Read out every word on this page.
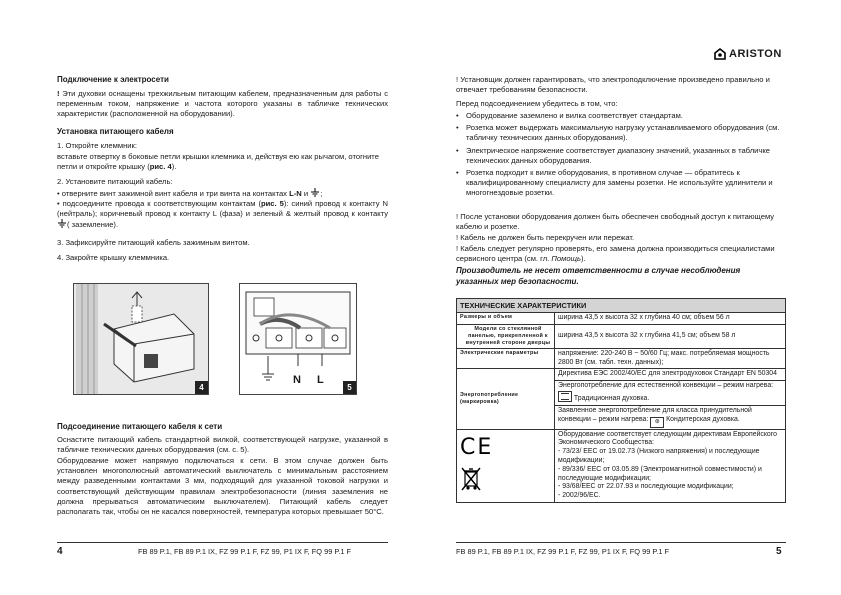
Подключение к электросети

! Эти духовки оснащены трехжильным питающим кабелем, предназначенным для работы с переменным током, напряжение и частота которого указаны в табличке технических характеристик (расположенной на оборудовании).

Установка питающего кабеля

1. Откройте клеммник:

вставьте отвертку в боковые петли крышки клемника и, действуя ею как рычагом, отогните петли и откройте крышку (рис. 4).

2. Установите питающий кабель:

• отверните винт зажимной винт кабеля и три винта на контактах L-N и ;

• подсоедините провода к соответствующим контактам (рис. 5): синий провод к контакту N (нейтраль); коричневый провод к контакту L (фаза) и зеленый & желтый провод к контакту ( заземление).

3. Зафиксируйте питающий кабель зажимным винтом.

4. Закройте крышку клеммника.

4
N L
5
Подсоединение питающего кабеля к сети

Оснастите питающий кабель стандартной вилкой, соответствующей нагрузке, указанной в табличке технических данных оборудования (см. с. 5).

Оборудование может напрямую подключаться к сети. В этом случае должен быть установлен многополюсный автоматический выключатель с минимальным расстоянием между разведенными контактами 3 мм, подходящий для указанной токовой нагрузки и соответствующий действующим правилам электробезопасности (линия заземления не должна прерываться автоматическим выключателем). Питающий кабель следует располагать так, чтобы он не касался поверхностей, температура которых превышает 50°С.

4	FB 89 P.1, FB 89 P.1 IX, FZ 99 P.1 F, FZ 99, P1 IX F, FQ 99 P.1 F
ARISTON

! Установщик должен гарантировать, что электроподключение произведено правильно и отвечает требованиям безопасности.

Перед подсоединением убедитесь в том, что:

• Оборудование заземлено и вилка соответствует стандартам.
• Розетка может выдержать максимальную нагрузку устанавливаемого оборудования (см. табличку технических данных оборудования).
• Электрическое напряжение соответствует диапазону значений, указанных в табличке технических данных оборудования.
• Розетка подходит к вилке оборудования, в противном случае — обратитесь к квалифицированному специалисту для замены розетки. Не используйте удлинители и многогнездовые розетки.

! После установки оборудования должен быть обеспечен свободный доступ к питающему кабелю и розетке.

! Кабель не должен быть перекручен или пережат.

! Кабель следует регулярно проверять, его замена должна производиться специалистами сервисного центра (см. гл. Помощь).

Производитель не несет ответственности в случае несоблюдения указанных мер безопасности.

ТЕХНИЧЕСКИЕ ХАРАКТЕРИСТИКИ
Размеры и объем	ширина 43,5 x высота 32 x глубина 40 см; объем 56 л
Модели со стеклянной панелью, прикрепленной к внутренней стороне дверцы	ширина 43,5 x высота 32 x глубина 41,5 см; объем 58 л
Электрические параметры	напряжение: 220-240 В ~ 50/60 Гц; макс. потребляемая мощность 2800 Вт (см. табл. техн. данных);
Энергопотребление (маркировка)	Директива ЕЭС 2002/40/ЕС для электродуховок Стандарт EN 50304
Энергопотребление для естественной конвекции – режим нагрева:
Традиционная духовка.
Заявленное энергопотребление для класса принудительной конвекции – режим нагрева: ⊛ Кондитерская духовка.

CE	Оборудование соответствует следующим директивам Европейского Экономического Сообщества:
- 73/23/ EEC от 19.02.73 (Низкого напряжения) и последующие модификации;
- 89/336/ EEC от 03.05.89 (Электромагнитной совместимости) и последующие модификации;
- 93/68/EEC от 22.07.93 и последующие модификации;
- 2002/96/EC.
FB 89 P.1, FB 89 P.1 IX, FZ 99 P.1 F, FZ 99, P1 IX F, FQ 99 P.1 F	5
